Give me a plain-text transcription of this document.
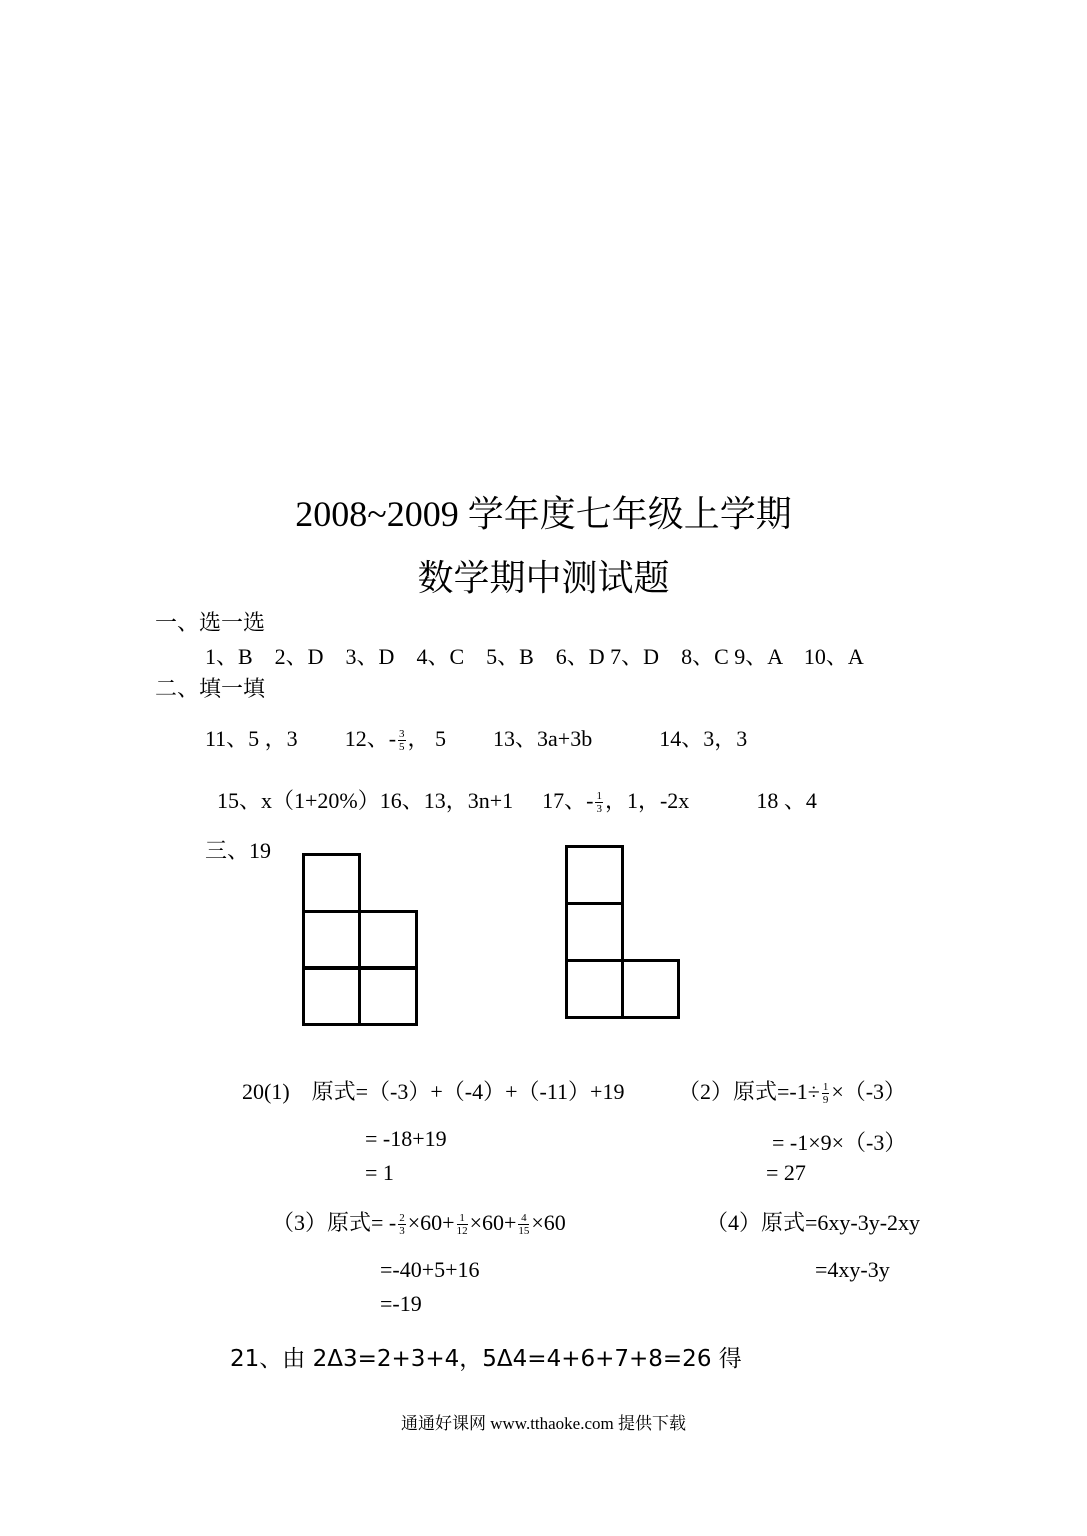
2008~2009 学年度七年级上学期
数学期中测试题
一、选一选
1、B　2、D　3、D　4、C　5、B　6、D 7、D　8、C 9、A　10、A
二、填一填
11、5 ，3 12、- $\frac{3}{5}$ ， 5 13、3a+3b	14、3，3
15、x（1+20%）16、13，3n+1 17、- $\frac{1}{3}$ ，1，-2x	18 、4
三、19
20(1)　原式=（-3）+（-4）+（-11）+19 （2）原式$=-1\div \frac{1}{9} \times(-3)$
= -18+19	= -1×9×（-3）
= 1	= 27
（3）原式= - $\frac{2}{3} \times 60+ \frac{1}{12} \times 60+ \frac{4}{15} \times 60$	（4）原式=6xy-3y-2xy
=-40+5+16	=4xy-3y
=-19
21、由 2Δ3=2+3+4，5Δ4=4+6+7+8=26 得
通通好课网 www.tthaoke.com 提供下载
